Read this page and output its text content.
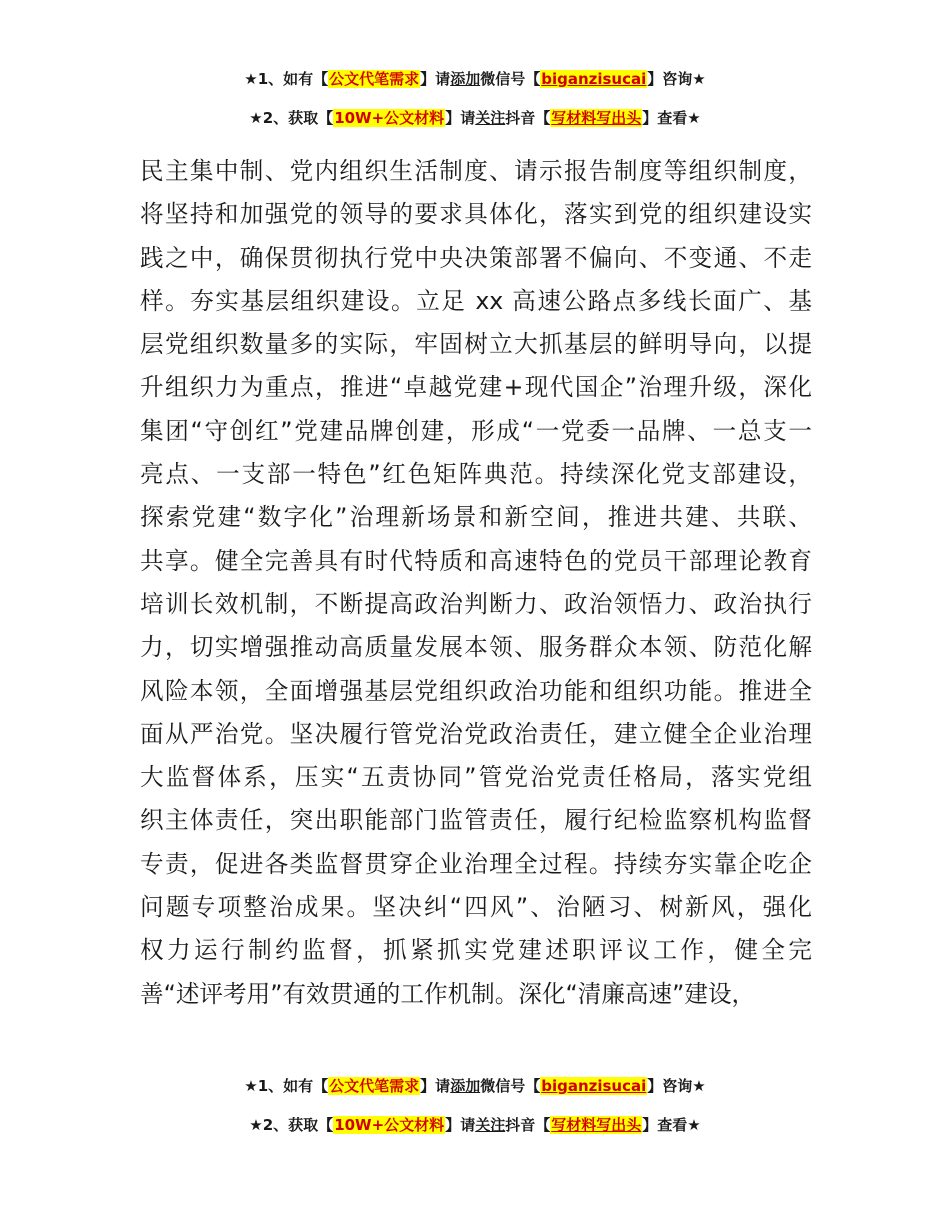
★1、如有【公文代笔需求】请添加微信号【biganzisucai】咨询★
★2、获取【10W+公文材料】请关注抖音【写材料写出头】查看★
民主集中制、党内组织生活制度、请示报告制度等组织制度，
将坚持和加强党的领导的要求具体化，落实到党的组织建设实
践之中，确保贯彻执行党中央决策部署不偏向、不变通、不走
样。夯实基层组织建设。立足 xx 高速公路点多线长面广、基
层党组织数量多的实际，牢固树立大抓基层的鲜明导向，以提
升组织力为重点，推进“卓越党建+现代国企”治理升级，深化
集团“守创红”党建品牌创建，形成“一党委一品牌、一总支一
亮点、一支部一特色”红色矩阵典范。持续深化党支部建设，
探索党建“数字化”治理新场景和新空间，推进共建、共联、
共享。健全完善具有时代特质和高速特色的党员干部理论教育
培训长效机制，不断提高政治判断力、政治领悟力、政治执行
力，切实增强推动高质量发展本领、服务群众本领、防范化解
风险本领，全面增强基层党组织政治功能和组织功能。推进全
面从严治党。坚决履行管党治党政治责任，建立健全企业治理
大监督体系，压实“五责协同”管党治党责任格局，落实党组
织主体责任，突出职能部门监管责任，履行纪检监察机构监督
专责，促进各类监督贯穿企业治理全过程。持续夯实靠企吃企
问题专项整治成果。坚决纠“四风”、治陋习、树新风，强化
权力运行制约监督，抓紧抓实党建述职评议工作，健全完
善“述评考用”有效贯通的工作机制。深化“清廉高速”建设，
★1、如有【公文代笔需求】请添加微信号【biganzisucai】咨询★
★2、获取【10W+公文材料】请关注抖音【写材料写出头】查看★
